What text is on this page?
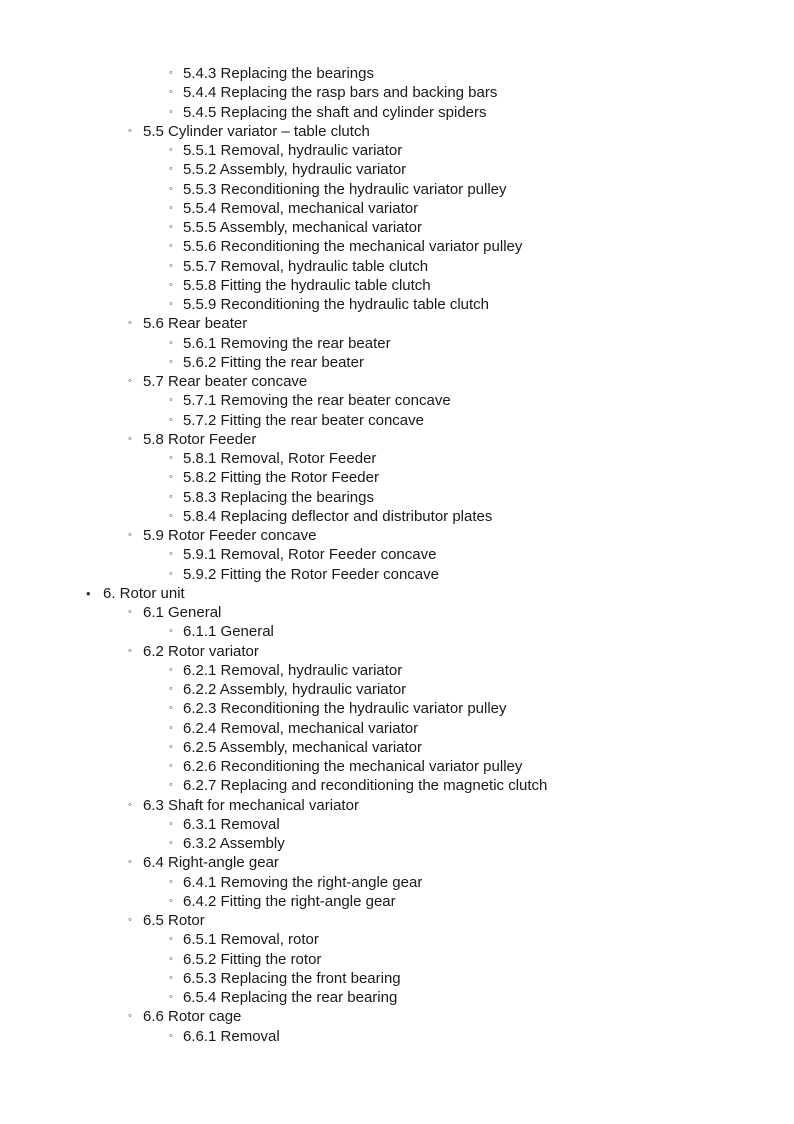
◦ 5.4.3 Replacing the bearings
◦ 5.4.4 Replacing the rasp bars and backing bars
◦ 5.4.5 Replacing the shaft and cylinder spiders
◦ 5.5 Cylinder variator – table clutch
◦ 5.5.1 Removal, hydraulic variator
◦ 5.5.2 Assembly, hydraulic variator
◦ 5.5.3 Reconditioning the hydraulic variator pulley
◦ 5.5.4 Removal, mechanical variator
◦ 5.5.5 Assembly, mechanical variator
◦ 5.5.6 Reconditioning the mechanical variator pulley
◦ 5.5.7 Removal, hydraulic table clutch
◦ 5.5.8 Fitting the hydraulic table clutch
◦ 5.5.9 Reconditioning the hydraulic table clutch
◦ 5.6 Rear beater
◦ 5.6.1 Removing the rear beater
◦ 5.6.2 Fitting the rear beater
◦ 5.7 Rear beater concave
◦ 5.7.1 Removing the rear beater concave
◦ 5.7.2 Fitting the rear beater concave
◦ 5.8 Rotor Feeder
◦ 5.8.1 Removal, Rotor Feeder
◦ 5.8.2 Fitting the Rotor Feeder
◦ 5.8.3 Replacing the bearings
◦ 5.8.4 Replacing deflector and distributor plates
◦ 5.9 Rotor Feeder concave
◦ 5.9.1 Removal, Rotor Feeder concave
◦ 5.9.2 Fitting the Rotor Feeder concave
• 6. Rotor unit
◦ 6.1 General
◦ 6.1.1 General
◦ 6.2 Rotor variator
◦ 6.2.1 Removal, hydraulic variator
◦ 6.2.2 Assembly, hydraulic variator
◦ 6.2.3 Reconditioning the hydraulic variator pulley
◦ 6.2.4 Removal, mechanical variator
◦ 6.2.5 Assembly, mechanical variator
◦ 6.2.6 Reconditioning the mechanical variator pulley
◦ 6.2.7 Replacing and reconditioning the magnetic clutch
◦ 6.3 Shaft for mechanical variator
◦ 6.3.1 Removal
◦ 6.3.2 Assembly
◦ 6.4 Right-angle gear
◦ 6.4.1 Removing the right-angle gear
◦ 6.4.2 Fitting the right-angle gear
◦ 6.5 Rotor
◦ 6.5.1 Removal, rotor
◦ 6.5.2 Fitting the rotor
◦ 6.5.3 Replacing the front bearing
◦ 6.5.4 Replacing the rear bearing
◦ 6.6 Rotor cage
◦ 6.6.1 Removal
